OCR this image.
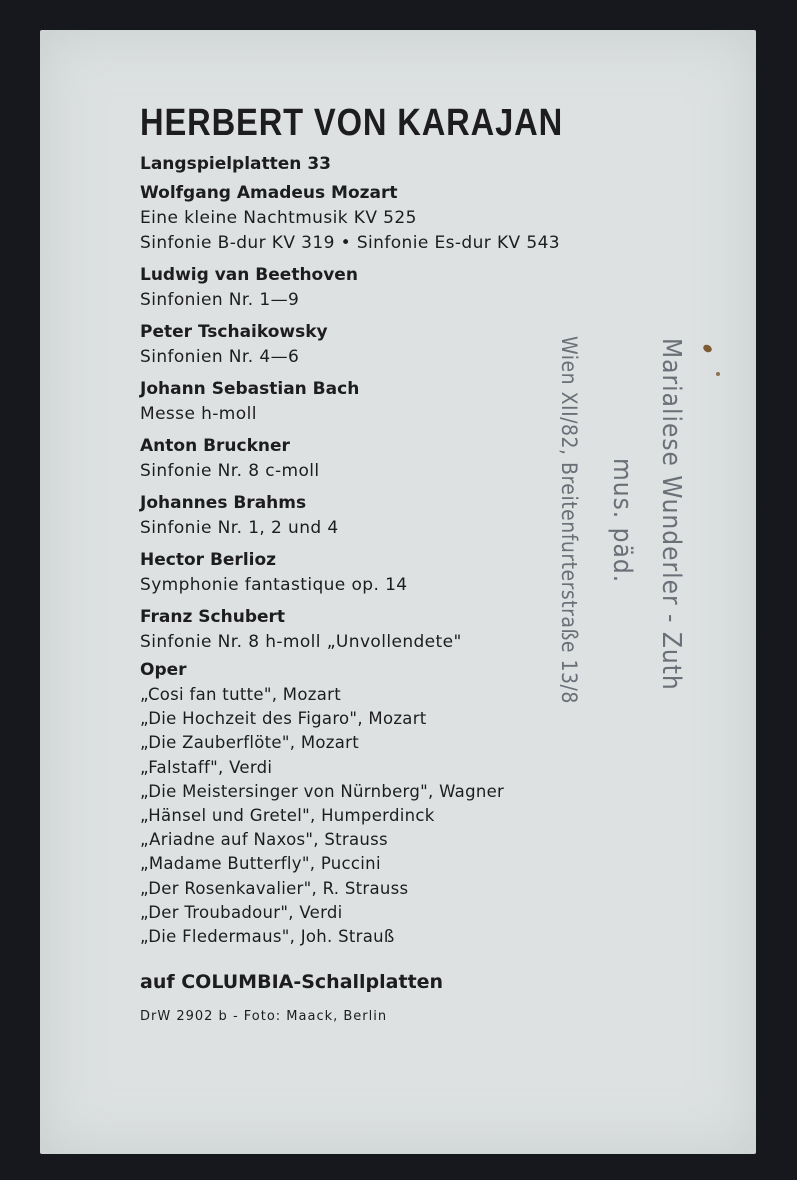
HERBERT VON KARAJAN
Langspielplatten 33
Wolfgang Amadeus Mozart
Eine kleine Nachtmusik KV 525
Sinfonie B-dur KV 319 • Sinfonie Es-dur KV 543
Ludwig van Beethoven
Sinfonien Nr. 1—9
Peter Tschaikowsky
Sinfonien Nr. 4—6
Johann Sebastian Bach
Messe h-moll
Anton Bruckner
Sinfonie Nr. 8 c-moll
Johannes Brahms
Sinfonie Nr. 1, 2 und 4
Hector Berlioz
Symphonie fantastique op. 14
Franz Schubert
Sinfonie Nr. 8 h-moll „Unvollendete"
Oper
„Cosi fan tutte", Mozart
„Die Hochzeit des Figaro", Mozart
„Die Zauberflöte", Mozart
„Falstaff", Verdi
„Die Meistersinger von Nürnberg", Wagner
„Hänsel und Gretel", Humperdinck
„Ariadne auf Naxos", Strauss
„Madame Butterfly", Puccini
„Der Rosenkavalier", R. Strauss
„Der Troubadour", Verdi
„Die Fledermaus", Joh. Strauß
auf COLUMBIA-Schallplatten
DrW 2902 b - Foto: Maack, Berlin
Marialiese Wunderler - Zuth
mus. päd.
Wien XII/82, Breitenfurterstraße 13/8
